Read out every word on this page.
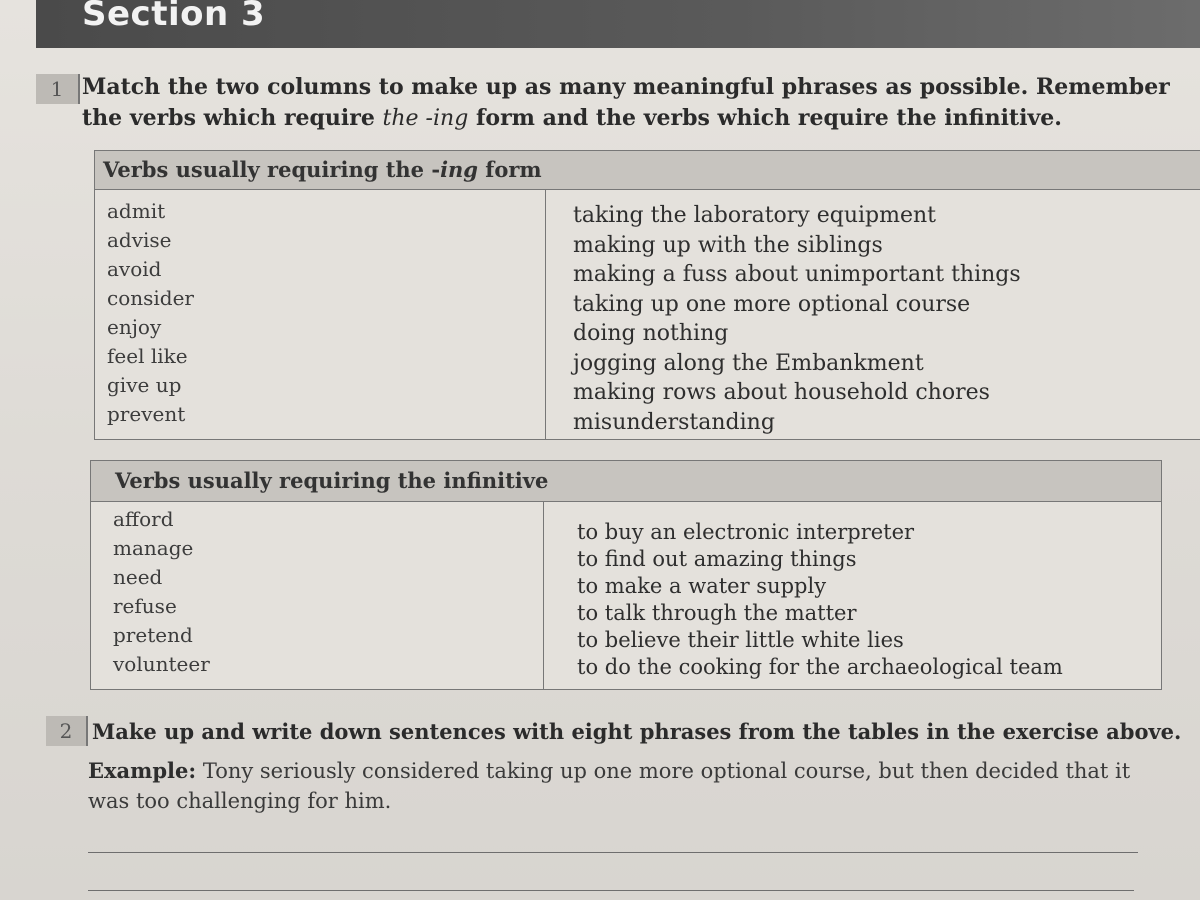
Section 3
1 Match the two columns to make up as many meaningful phrases as possible. Remember the verbs which require the -ing form and the verbs which require the infinitive.
Verbs usually requiring the -ing form
admit
advise
avoid
consider
enjoy
feel like
give up
prevent
taking the laboratory equipment
making up with the siblings
making a fuss about unimportant things
taking up one more optional course
doing nothing
jogging along the Embankment
making rows about household chores
misunderstanding
Verbs usually requiring the infinitive
afford
manage
need
refuse
pretend
volunteer
to buy an electronic interpreter
to find out amazing things
to make a water supply
to talk through the matter
to believe their little white lies
to do the cooking for the archaeological team
2 Make up and write down sentences with eight phrases from the tables in the exercise above.
Example: Tony seriously considered taking up one more optional course, but then decided that it was too challenging for him.
